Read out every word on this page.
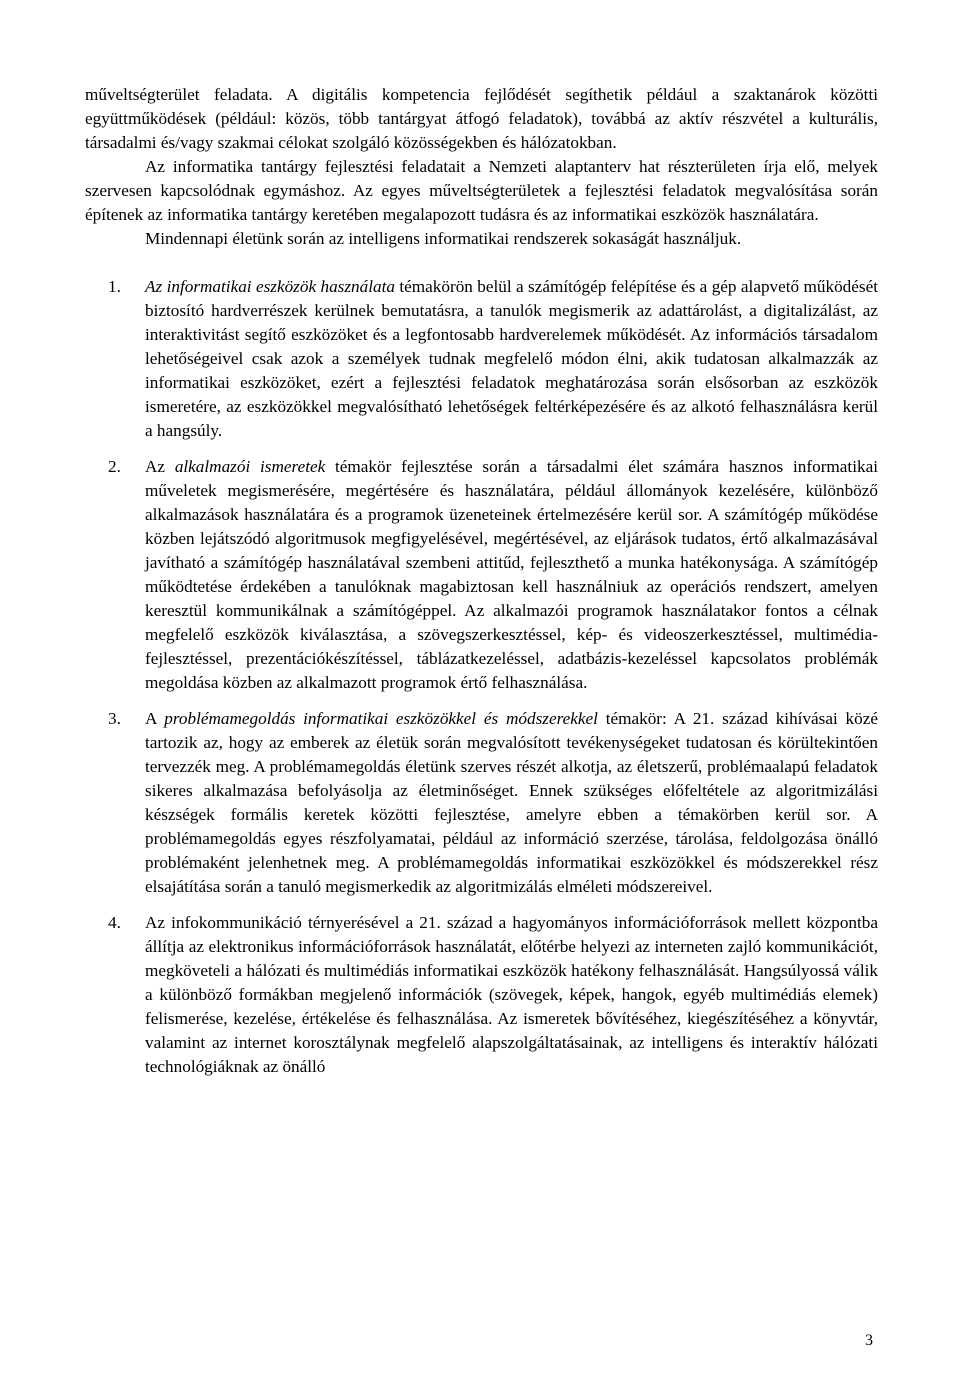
műveltségterület feladata. A digitális kompetencia fejlődését segíthetik például a szaktanárok közötti együttműködések (például: közös, több tantárgyat átfogó feladatok), továbbá az aktív részvétel a kulturális, társadalmi és/vagy szakmai célokat szolgáló közösségekben és hálózatokban.

Az informatika tantárgy fejlesztési feladatait a Nemzeti alaptanterv hat részterületen írja elő, melyek szervesen kapcsolódnak egymáshoz. Az egyes műveltségterületek a fejlesztési feladatok megvalósítása során építenek az informatika tantárgy keretében megalapozott tudásra és az informatikai eszközök használatára.

Mindennapi életünk során az intelligens informatikai rendszerek sokaságát használjuk.

1. Az informatikai eszközök használata témakörön belül a számítógép felépítése és a gép alapvető működését biztosító hardverrészek kerülnek bemutatásra, a tanulók megismerik az adattárolást, a digitalizálást, az interaktivitást segítő eszközöket és a legfontosabb hardverelemek működését. Az információs társadalom lehetőségeivel csak azok a személyek tudnak megfelelő módon élni, akik tudatosan alkalmazzák az informatikai eszközöket, ezért a fejlesztési feladatok meghatározása során elsősorban az eszközök ismeretére, az eszközökkel megvalósítható lehetőségek feltérképezésére és az alkotó felhasználásra kerül a hangsúly.
2. Az alkalmazói ismeretek témakör fejlesztése során a társadalmi élet számára hasznos informatikai műveletek megismerésére, megértésére és használatára, például állományok kezelésére, különböző alkalmazások használatára és a programok üzeneteinek értelmezésére kerül sor. A számítógép működése közben lejátszódó algoritmusok megfigyelésével, megértésével, az eljárások tudatos, értő alkalmazásával javítható a számítógép használatával szembeni attitűd, fejleszthető a munka hatékonysága. A számítógép működtetése érdekében a tanulóknak magabiztosan kell használniuk az operációs rendszert, amelyen keresztül kommunikálnak a számítógéppel. Az alkalmazói programok használatakor fontos a célnak megfelelő eszközök kiválasztása, a szövegszerkesztéssel, kép- és videoszerkesztéssel, multimédia-fejlesztéssel, prezentációkészítéssel, táblázatkezeléssel, adatbázis-kezeléssel kapcsolatos problémák megoldása közben az alkalmazott programok értő felhasználása.
3. A problémamegoldás informatikai eszközökkel és módszerekkel témakör: A 21. század kihívásai közé tartozik az, hogy az emberek az életük során megvalósított tevékenységeket tudatosan és körültekintően tervezzék meg. A problémamegoldás életünk szerves részét alkotja, az életszerű, problémaalapú feladatok sikeres alkalmazása befolyásolja az életminőséget. Ennek szükséges előfeltétele az algoritmizálási készségek formális keretek közötti fejlesztése, amelyre ebben a témakörben kerül sor. A problémamegoldás egyes részfolyamatai, például az információ szerzése, tárolása, feldolgozása önálló problémaként jelenhetnek meg. A problémamegoldás informatikai eszközökkel és módszerekkel rész elsajátítása során a tanuló megismerkedik az algoritmizálás elméleti módszereivel.
4. Az infokommunikáció térnyerésével a 21. század a hagyományos információforrások mellett központba állítja az elektronikus információforrások használatát, előtérbe helyezi az interneten zajló kommunikációt, megköveteli a hálózati és multimédiás informatikai eszközök hatékony felhasználását. Hangsúlyossá válik a különböző formákban megjelenő információk (szövegek, képek, hangok, egyéb multimédiás elemek) felismerése, kezelése, értékelése és felhasználása. Az ismeretek bővítéséhez, kiegészítéséhez a könyvtár, valamint az internet korosztálynak megfelelő alapszolgáltatásainak, az intelligens és interaktív hálózati technológiáknak az önálló
3
